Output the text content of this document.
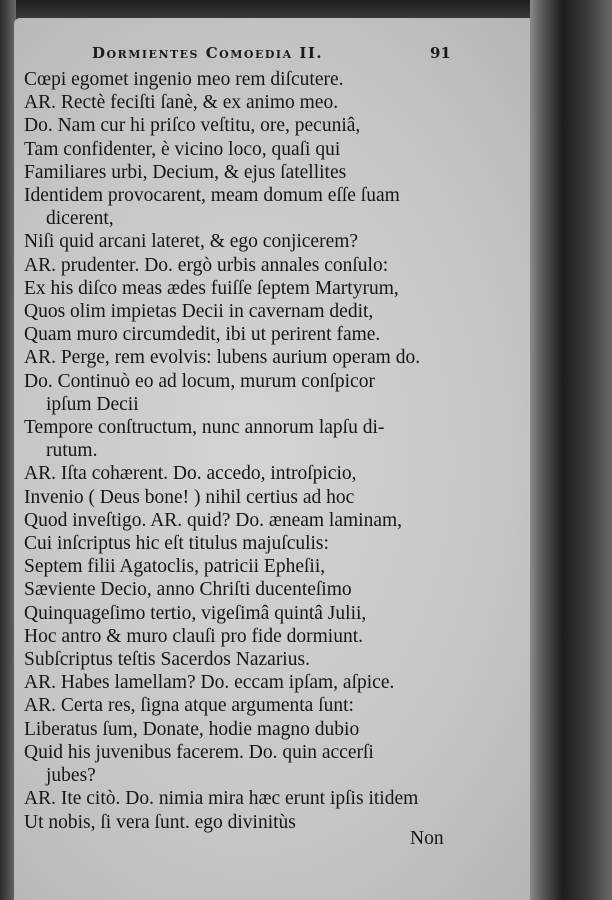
Dormientes Comoedia II.	91
Cœpi egomet ingenio meo rem diſcutere.
AR. Rectè feciſti ſanè, & ex animo meo.
Do. Nam cur hi priſco veſtitu, ore, pecuniâ,
Tam confidenter, è vicino loco, quaſi qui
Familiares urbi, Decium, & ejus ſatellites
Identidem provocarent, meam domum eſſe ſuam
dicerent,
Niſi quid arcani lateret, & ego conjicerem?
AR. prudenter. Do. ergò urbis annales conſulo:
Ex his diſco meas ædes fuiſſe ſeptem Martyrum,
Quos olim impietas Decii in cavernam dedit,
Quam muro circumdedit, ibi ut perirent fame.
AR. Perge, rem evolvis: lubens aurium operam do.
Do. Continuò eo ad locum, murum conſpicor
ipſum Decii
Tempore conſtructum, nunc annorum lapſu di-
rutum.
AR. Iſta cohærent. Do. accedo, introſpicio,
Invenio ( Deus bone! ) nihil certius ad hoc
Quod inveſtigo. AR. quid? Do. æneam laminam,
Cui inſcriptus hic eſt titulus majuſculis:
Septem filii Agatoclis, patricii Epheſii,
Sæviente Decio, anno Chriſti ducenteſimo
Quinquageſimo tertio, vigeſimâ quintâ Julii,
Hoc antro & muro clauſi pro fide dormiunt.
Subſcriptus teſtis Sacerdos Nazarius.
AR. Habes lamellam? Do. eccam ipſam, aſpice.
AR. Certa res, ſigna atque argumenta ſunt:
Liberatus ſum, Donate, hodie magno dubio
Quid his juvenibus facerem. Do. quin accerſi
jubes?
AR. Ite citò. Do. nimia mira hæc erunt ipſis itidem
Ut nobis, ſi vera ſunt. ego divinitùs
Non
